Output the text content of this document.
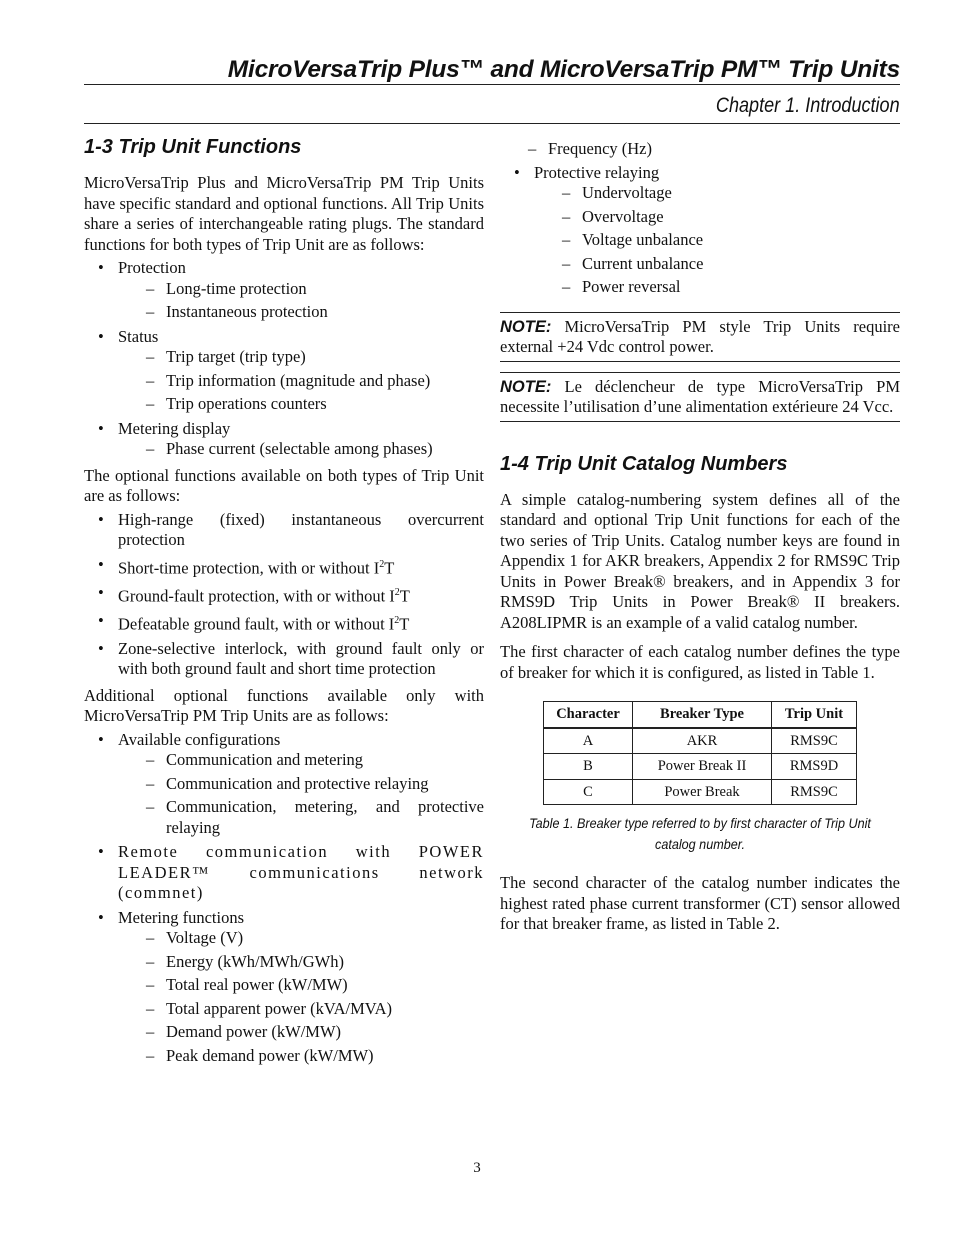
MicroVersaTrip Plus™ and MicroVersaTrip PM™ Trip Units
Chapter 1. Introduction
1-3 Trip Unit Functions

MicroVersaTrip Plus and MicroVersaTrip PM Trip Units have specific standard and optional functions. All Trip Units share a series of interchangeable rating plugs. The standard functions for both types of Trip Unit are as follows:

• Protection
– Long-time protection
– Instantaneous protection
• Status
– Trip target (trip type)
– Trip information (magnitude and phase)
– Trip operations counters
• Metering display
– Phase current (selectable among phases)

The optional functions available on both types of Trip Unit are as follows:

• High-range (fixed) instantaneous overcurrent protection
• Short-time protection, with or without $I^2T$
• Ground-fault protection, with or without $I^2T$
• Defeatable ground fault, with or without $I^2T$
• Zone-selective interlock, with ground fault only or with both ground fault and short time protection

Additional optional functions available only with MicroVersaTrip PM Trip Units are as follows:

• Available configurations
– Communication and metering
– Communication and protective relaying
– Communication, metering, and protective relaying
• Remote communication with POWER LEADER™ communications network (commnet)
• Metering functions
– Voltage (V)
– Energy (kWh/MWh/GWh)
– Total real power (kW/MW)
– Total apparent power (kVA/MVA)
– Demand power (kW/MW)
– Peak demand power (kW/MW)
– Frequency (Hz)
• Protective relaying
– Undervoltage
– Overvoltage
– Voltage unbalance
– Current unbalance
– Power reversal
NOTE: MicroVersaTrip PM style Trip Units require external +24 Vdc control power.
NOTE: Le déclencheur de type MicroVersaTrip PM necessite l’utilisation d’une alimentation extérieure 24 Vcc.
1-4 Trip Unit Catalog Numbers

A simple catalog-numbering system defines all of the standard and optional Trip Unit functions for each of the two series of Trip Units. Catalog number keys are found in Appendix 1 for AKR breakers, Appendix 2 for RMS9C Trip Units in Power Break® breakers, and in Appendix 3 for RMS9D Trip Units in Power Break® II breakers. A208LIPMR is an example of a valid catalog number.

The first character of each catalog number defines the type of breaker for which it is configured, as listed in Table 1.

Character	Breaker Type	Trip Unit
A	AKR	RMS9C
B	Power Break II	RMS9D
C	Power Break	RMS9C
Table 1. Breaker type referred to by first character of Trip Unit catalog number.

The second character of the catalog number indicates the highest rated phase current transformer (CT) sensor allowed for that breaker frame, as listed in Table 2.

3
